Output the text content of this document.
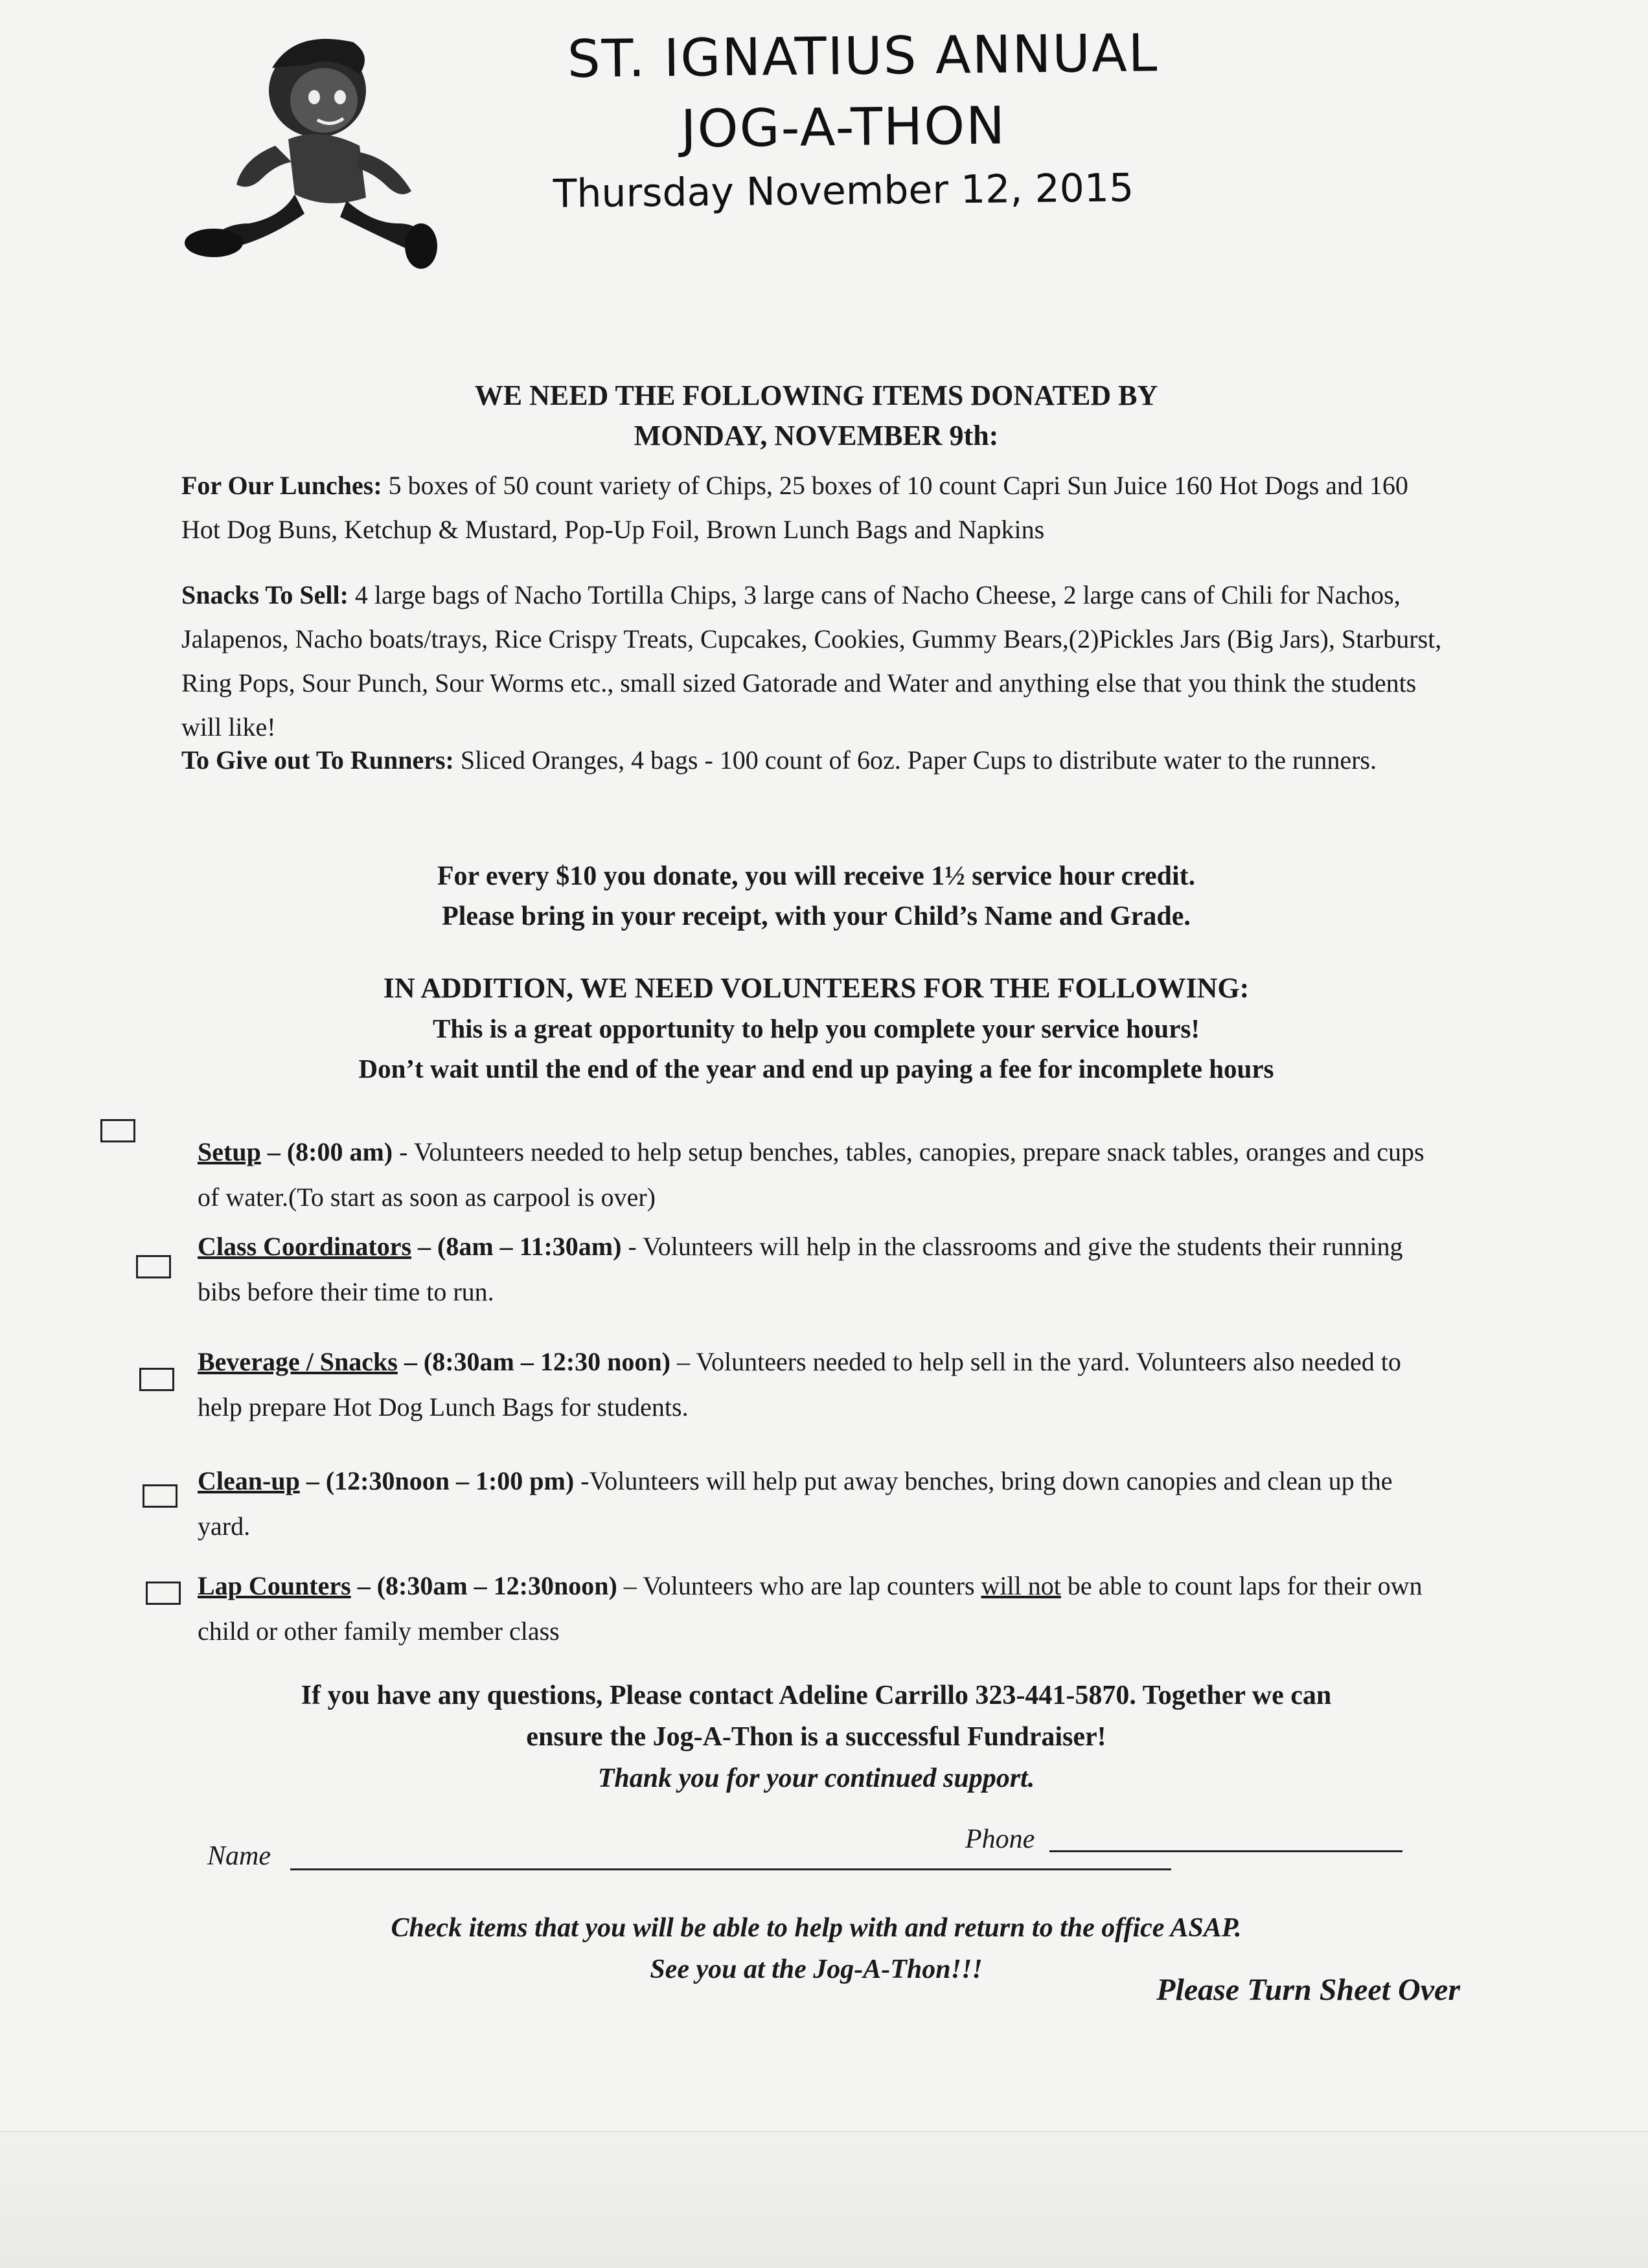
ST. IGNATIUS ANNUAL
JOG-A-THON
Thursday November 12, 2015
WE NEED THE FOLLOWING ITEMS DONATED BY
MONDAY, NOVEMBER 9th:
For Our Lunches: 5 boxes of 50 count variety of Chips, 25 boxes of 10 count Capri Sun Juice 160 Hot Dogs and 160 Hot Dog Buns, Ketchup & Mustard, Pop-Up Foil, Brown Lunch Bags and Napkins
Snacks To Sell: 4 large bags of Nacho Tortilla Chips, 3 large cans of Nacho Cheese, 2 large cans of Chili for Nachos, Jalapenos, Nacho boats/trays, Rice Crispy Treats, Cupcakes, Cookies, Gummy Bears,(2)Pickles Jars (Big Jars), Starburst, Ring Pops, Sour Punch, Sour Worms etc., small sized Gatorade and Water and anything else that you think the students will like!
To Give out To Runners: Sliced Oranges, 4 bags - 100 count of 6oz. Paper Cups to distribute water to the runners.
For every $10 you donate, you will receive 1½ service hour credit.
Please bring in your receipt, with your Child’s Name and Grade.
IN ADDITION, WE NEED VOLUNTEERS FOR THE FOLLOWING:
This is a great opportunity to help you complete your service hours!
Don’t wait until the end of the year and end up paying a fee for incomplete hours
Setup – (8:00 am) - Volunteers needed to help setup benches, tables, canopies, prepare snack tables, oranges and cups of water.(To start as soon as carpool is over)
Class Coordinators – (8am – 11:30am) - Volunteers will help in the classrooms and give the students their running bibs before their time to run.
Beverage / Snacks – (8:30am – 12:30 noon) – Volunteers needed to help sell in the yard. Volunteers also needed to help prepare Hot Dog Lunch Bags for students.
Clean-up – (12:30noon – 1:00 pm) -Volunteers will help put away benches, bring down canopies and clean up the yard.
Lap Counters – (8:30am – 12:30noon) – Volunteers who are lap counters will not be able to count laps for their own child or other family member class
If you have any questions, Please contact Adeline Carrillo 323-441-5870. Together we can
ensure the Jog-A-Thon is a successful Fundraiser!
Thank you for your continued support.
Name
Phone
Check items that you will be able to help with and return to the office ASAP.
See you at the Jog-A-Thon!!!
Please Turn Sheet Over
